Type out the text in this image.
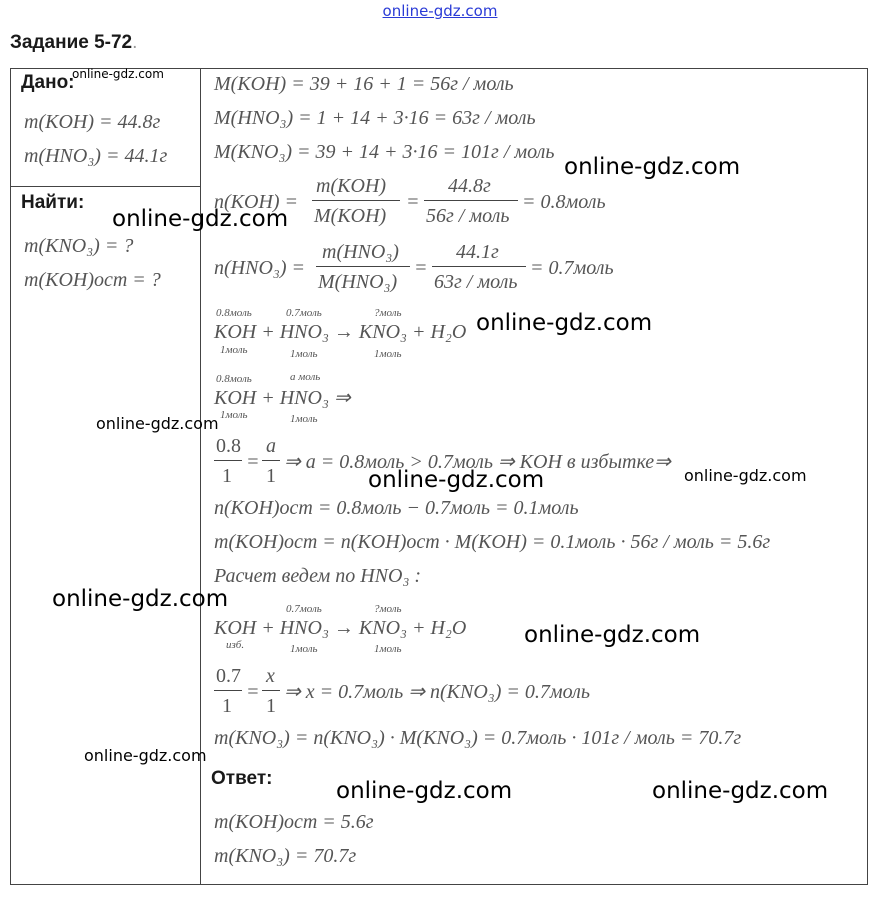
online-gdz.com
Задание 5-72.
Дано:
m(KOH) = 44.8г
m(HNO₃) = 44.1г
Найти:
m(KNO₃) = ?
m(KOH)ост = ?
M(KOH) = 39 + 16 + 1 = 56г / моль
M(HNO₃) = 1 + 14 + 3·16 = 63г / моль
M(KNO₃) = 39 + 14 + 3·16 = 101г / моль
n(KOH) =
m(KOH)
M(KOH)
=
44.8г
56г / моль
= 0.8моль
n(HNO₃) =
m(HNO₃)
M(HNO₃)
=
44.1г
63г / моль
= 0.7моль
0.8моль	0.7моль	?моль
KOH + HNO₃ → KNO₃ + H₂O
1моль	1моль	1моль
0.8моль	a моль
KOH + HNO₃ ⇒
1моль	1моль
0.8
1
=
a
1
⇒ a = 0.8моль > 0.7моль ⇒ KOH в избытке⇒
n(KOH)ост = 0.8моль − 0.7моль = 0.1моль
m(KOH)ост = n(KOH)ост · M(KOH) = 0.1моль · 56г / моль = 5.6г
Расчет ведем по HNO₃ :
0.7моль	?моль
KOH + HNO₃ → KNO₃ + H₂O
изб.	1моль	1моль
0.7
1
=
x
1
⇒ x = 0.7моль ⇒ n(KNO₃) = 0.7моль
m(KNO₃) = n(KNO₃) · M(KNO₃) = 0.7моль · 101г / моль = 70.7г
Ответ:
m(KOH)ост = 5.6г
m(KNO₃) = 70.7г
online-gdz.com
online-gdz.com
online-gdz.com
online-gdz.com
online-gdz.com
online-gdz.com	online-gdz.com
online-gdz.com
online-gdz.com
online-gdz.com
online-gdz.com	online-gdz.com
